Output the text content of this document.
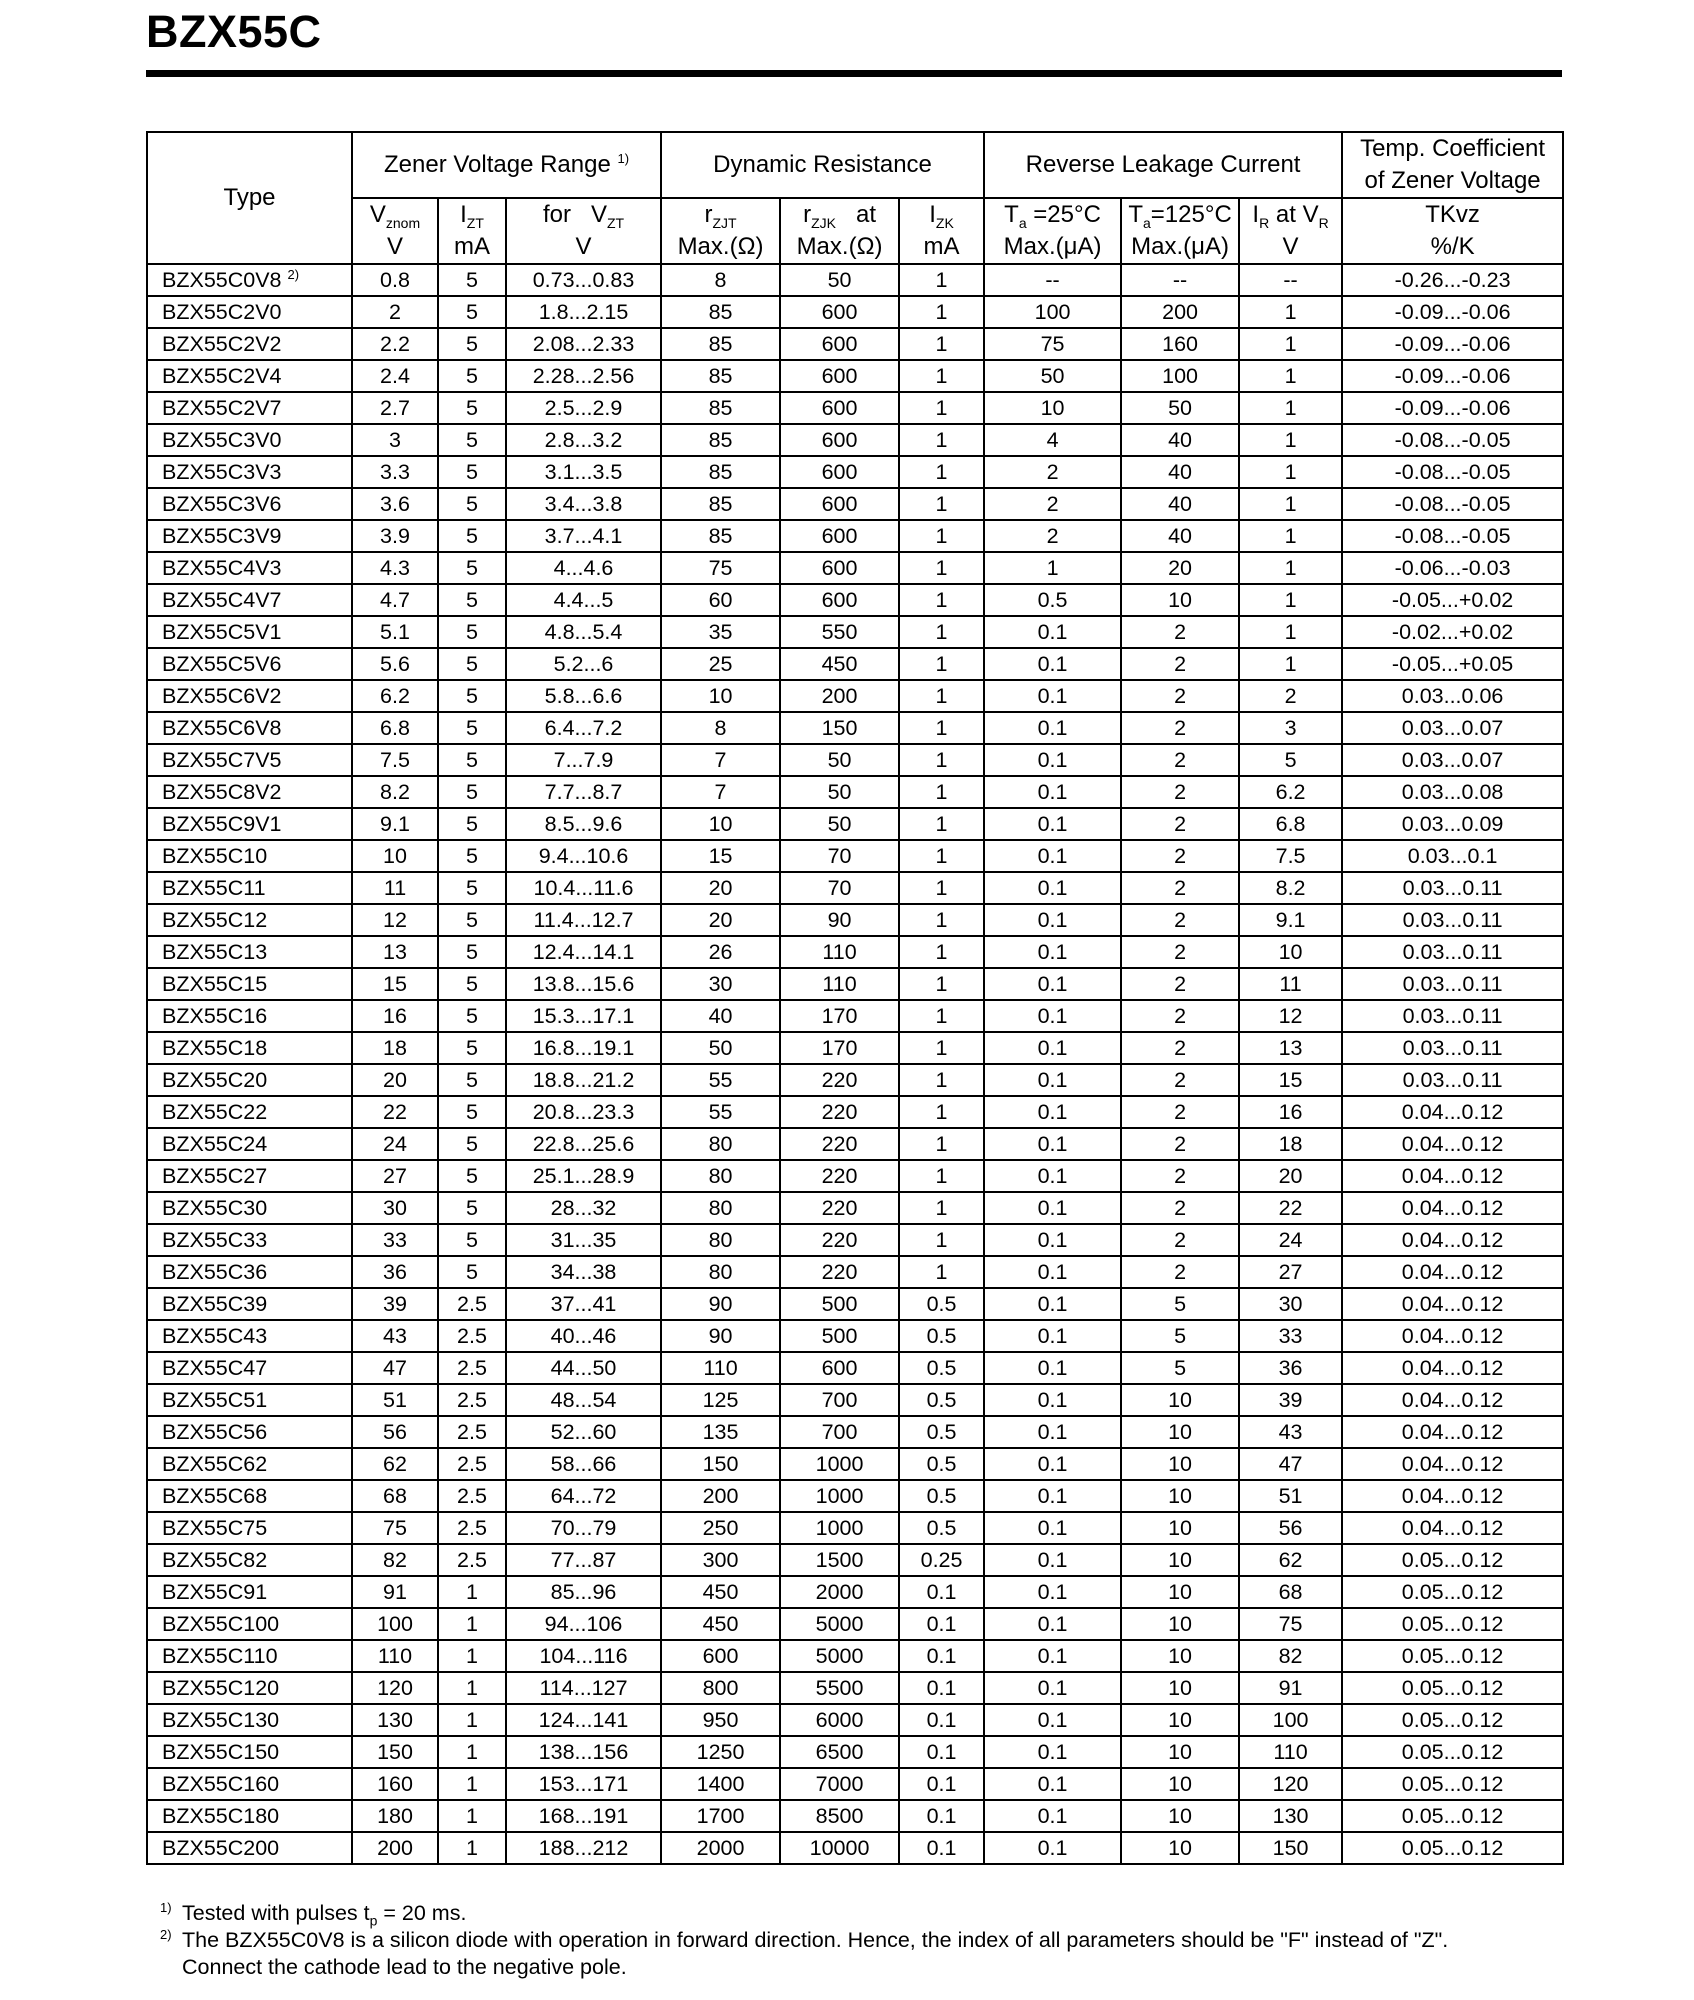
BZX55C
Type	Zener Voltage Range $^{1)}$			Dynamic Resistance			Reverse Leakage Current			Temp. Coefficient
of Zener Voltage
	$V_{znom}$	$I_{ZT}$	for $V_{ZT}$	$r_{ZJT}$	$r_{ZJK}$ at	$I_{ZK}$	$T_a =25^\circ C$	$T_a=125^\circ C$	$I_R$ at $V_R$	TKvz
	V	mA	V	Max.(Ω)	Max.(Ω)	mA	Max.(μA)	Max.(μA)	V	%/K
BZX55C0V8 $^{2)}$	0.8	5	0.73...0.83	8	50	1	--	--	--	-0.26...-0.23
BZX55C2V0	2	5	1.8...2.15	85	600	1	100	200	1	-0.09...-0.06
BZX55C2V2	2.2	5	2.08...2.33	85	600	1	75	160	1	-0.09...-0.06
BZX55C2V4	2.4	5	2.28...2.56	85	600	1	50	100	1	-0.09...-0.06
BZX55C2V7	2.7	5	2.5...2.9	85	600	1	10	50	1	-0.09...-0.06
BZX55C3V0	3	5	2.8...3.2	85	600	1	4	40	1	-0.08...-0.05
BZX55C3V3	3.3	5	3.1...3.5	85	600	1	2	40	1	-0.08...-0.05
BZX55C3V6	3.6	5	3.4...3.8	85	600	1	2	40	1	-0.08...-0.05
BZX55C3V9	3.9	5	3.7...4.1	85	600	1	2	40	1	-0.08...-0.05
BZX55C4V3	4.3	5	4...4.6	75	600	1	1	20	1	-0.06...-0.03
BZX55C4V7	4.7	5	4.4...5	60	600	1	0.5	10	1	-0.05...+0.02
BZX55C5V1	5.1	5	4.8...5.4	35	550	1	0.1	2	1	-0.02...+0.02
BZX55C5V6	5.6	5	5.2...6	25	450	1	0.1	2	1	-0.05...+0.05
BZX55C6V2	6.2	5	5.8...6.6	10	200	1	0.1	2	2	0.03...0.06
BZX55C6V8	6.8	5	6.4...7.2	8	150	1	0.1	2	3	0.03...0.07
BZX55C7V5	7.5	5	7...7.9	7	50	1	0.1	2	5	0.03...0.07
BZX55C8V2	8.2	5	7.7...8.7	7	50	1	0.1	2	6.2	0.03...0.08
BZX55C9V1	9.1	5	8.5...9.6	10	50	1	0.1	2	6.8	0.03...0.09
BZX55C10	10	5	9.4...10.6	15	70	1	0.1	2	7.5	0.03...0.1
BZX55C11	11	5	10.4...11.6	20	70	1	0.1	2	8.2	0.03...0.11
BZX55C12	12	5	11.4...12.7	20	90	1	0.1	2	9.1	0.03...0.11
BZX55C13	13	5	12.4...14.1	26	110	1	0.1	2	10	0.03...0.11
BZX55C15	15	5	13.8...15.6	30	110	1	0.1	2	11	0.03...0.11
BZX55C16	16	5	15.3...17.1	40	170	1	0.1	2	12	0.03...0.11
BZX55C18	18	5	16.8...19.1	50	170	1	0.1	2	13	0.03...0.11
BZX55C20	20	5	18.8...21.2	55	220	1	0.1	2	15	0.03...0.11
BZX55C22	22	5	20.8...23.3	55	220	1	0.1	2	16	0.04...0.12
BZX55C24	24	5	22.8...25.6	80	220	1	0.1	2	18	0.04...0.12
BZX55C27	27	5	25.1...28.9	80	220	1	0.1	2	20	0.04...0.12
BZX55C30	30	5	28...32	80	220	1	0.1	2	22	0.04...0.12
BZX55C33	33	5	31...35	80	220	1	0.1	2	24	0.04...0.12
BZX55C36	36	5	34...38	80	220	1	0.1	2	27	0.04...0.12
BZX55C39	39	2.5	37...41	90	500	0.5	0.1	5	30	0.04...0.12
BZX55C43	43	2.5	40...46	90	500	0.5	0.1	5	33	0.04...0.12
BZX55C47	47	2.5	44...50	110	600	0.5	0.1	5	36	0.04...0.12
BZX55C51	51	2.5	48...54	125	700	0.5	0.1	10	39	0.04...0.12
BZX55C56	56	2.5	52...60	135	700	0.5	0.1	10	43	0.04...0.12
BZX55C62	62	2.5	58...66	150	1000	0.5	0.1	10	47	0.04...0.12
BZX55C68	68	2.5	64...72	200	1000	0.5	0.1	10	51	0.04...0.12
BZX55C75	75	2.5	70...79	250	1000	0.5	0.1	10	56	0.04...0.12
BZX55C82	82	2.5	77...87	300	1500	0.25	0.1	10	62	0.05...0.12
BZX55C91	91	1	85...96	450	2000	0.1	0.1	10	68	0.05...0.12
BZX55C100	100	1	94...106	450	5000	0.1	0.1	10	75	0.05...0.12
BZX55C110	110	1	104...116	600	5000	0.1	0.1	10	82	0.05...0.12
BZX55C120	120	1	114...127	800	5500	0.1	0.1	10	91	0.05...0.12
BZX55C130	130	1	124...141	950	6000	0.1	0.1	10	100	0.05...0.12
BZX55C150	150	1	138...156	1250	6500	0.1	0.1	10	110	0.05...0.12
BZX55C160	160	1	153...171	1400	7000	0.1	0.1	10	120	0.05...0.12
BZX55C180	180	1	168...191	1700	8500	0.1	0.1	10	130	0.05...0.12
BZX55C200	200	1	188...212	2000	10000	0.1	0.1	10	150	0.05...0.12
1) Tested with pulses $t_p = 20$ ms.
2) The BZX55C0V8 is a silicon diode with operation in forward direction. Hence, the index of all parameters should be "F" instead of "Z".
Connect the cathode lead to the negative pole.
